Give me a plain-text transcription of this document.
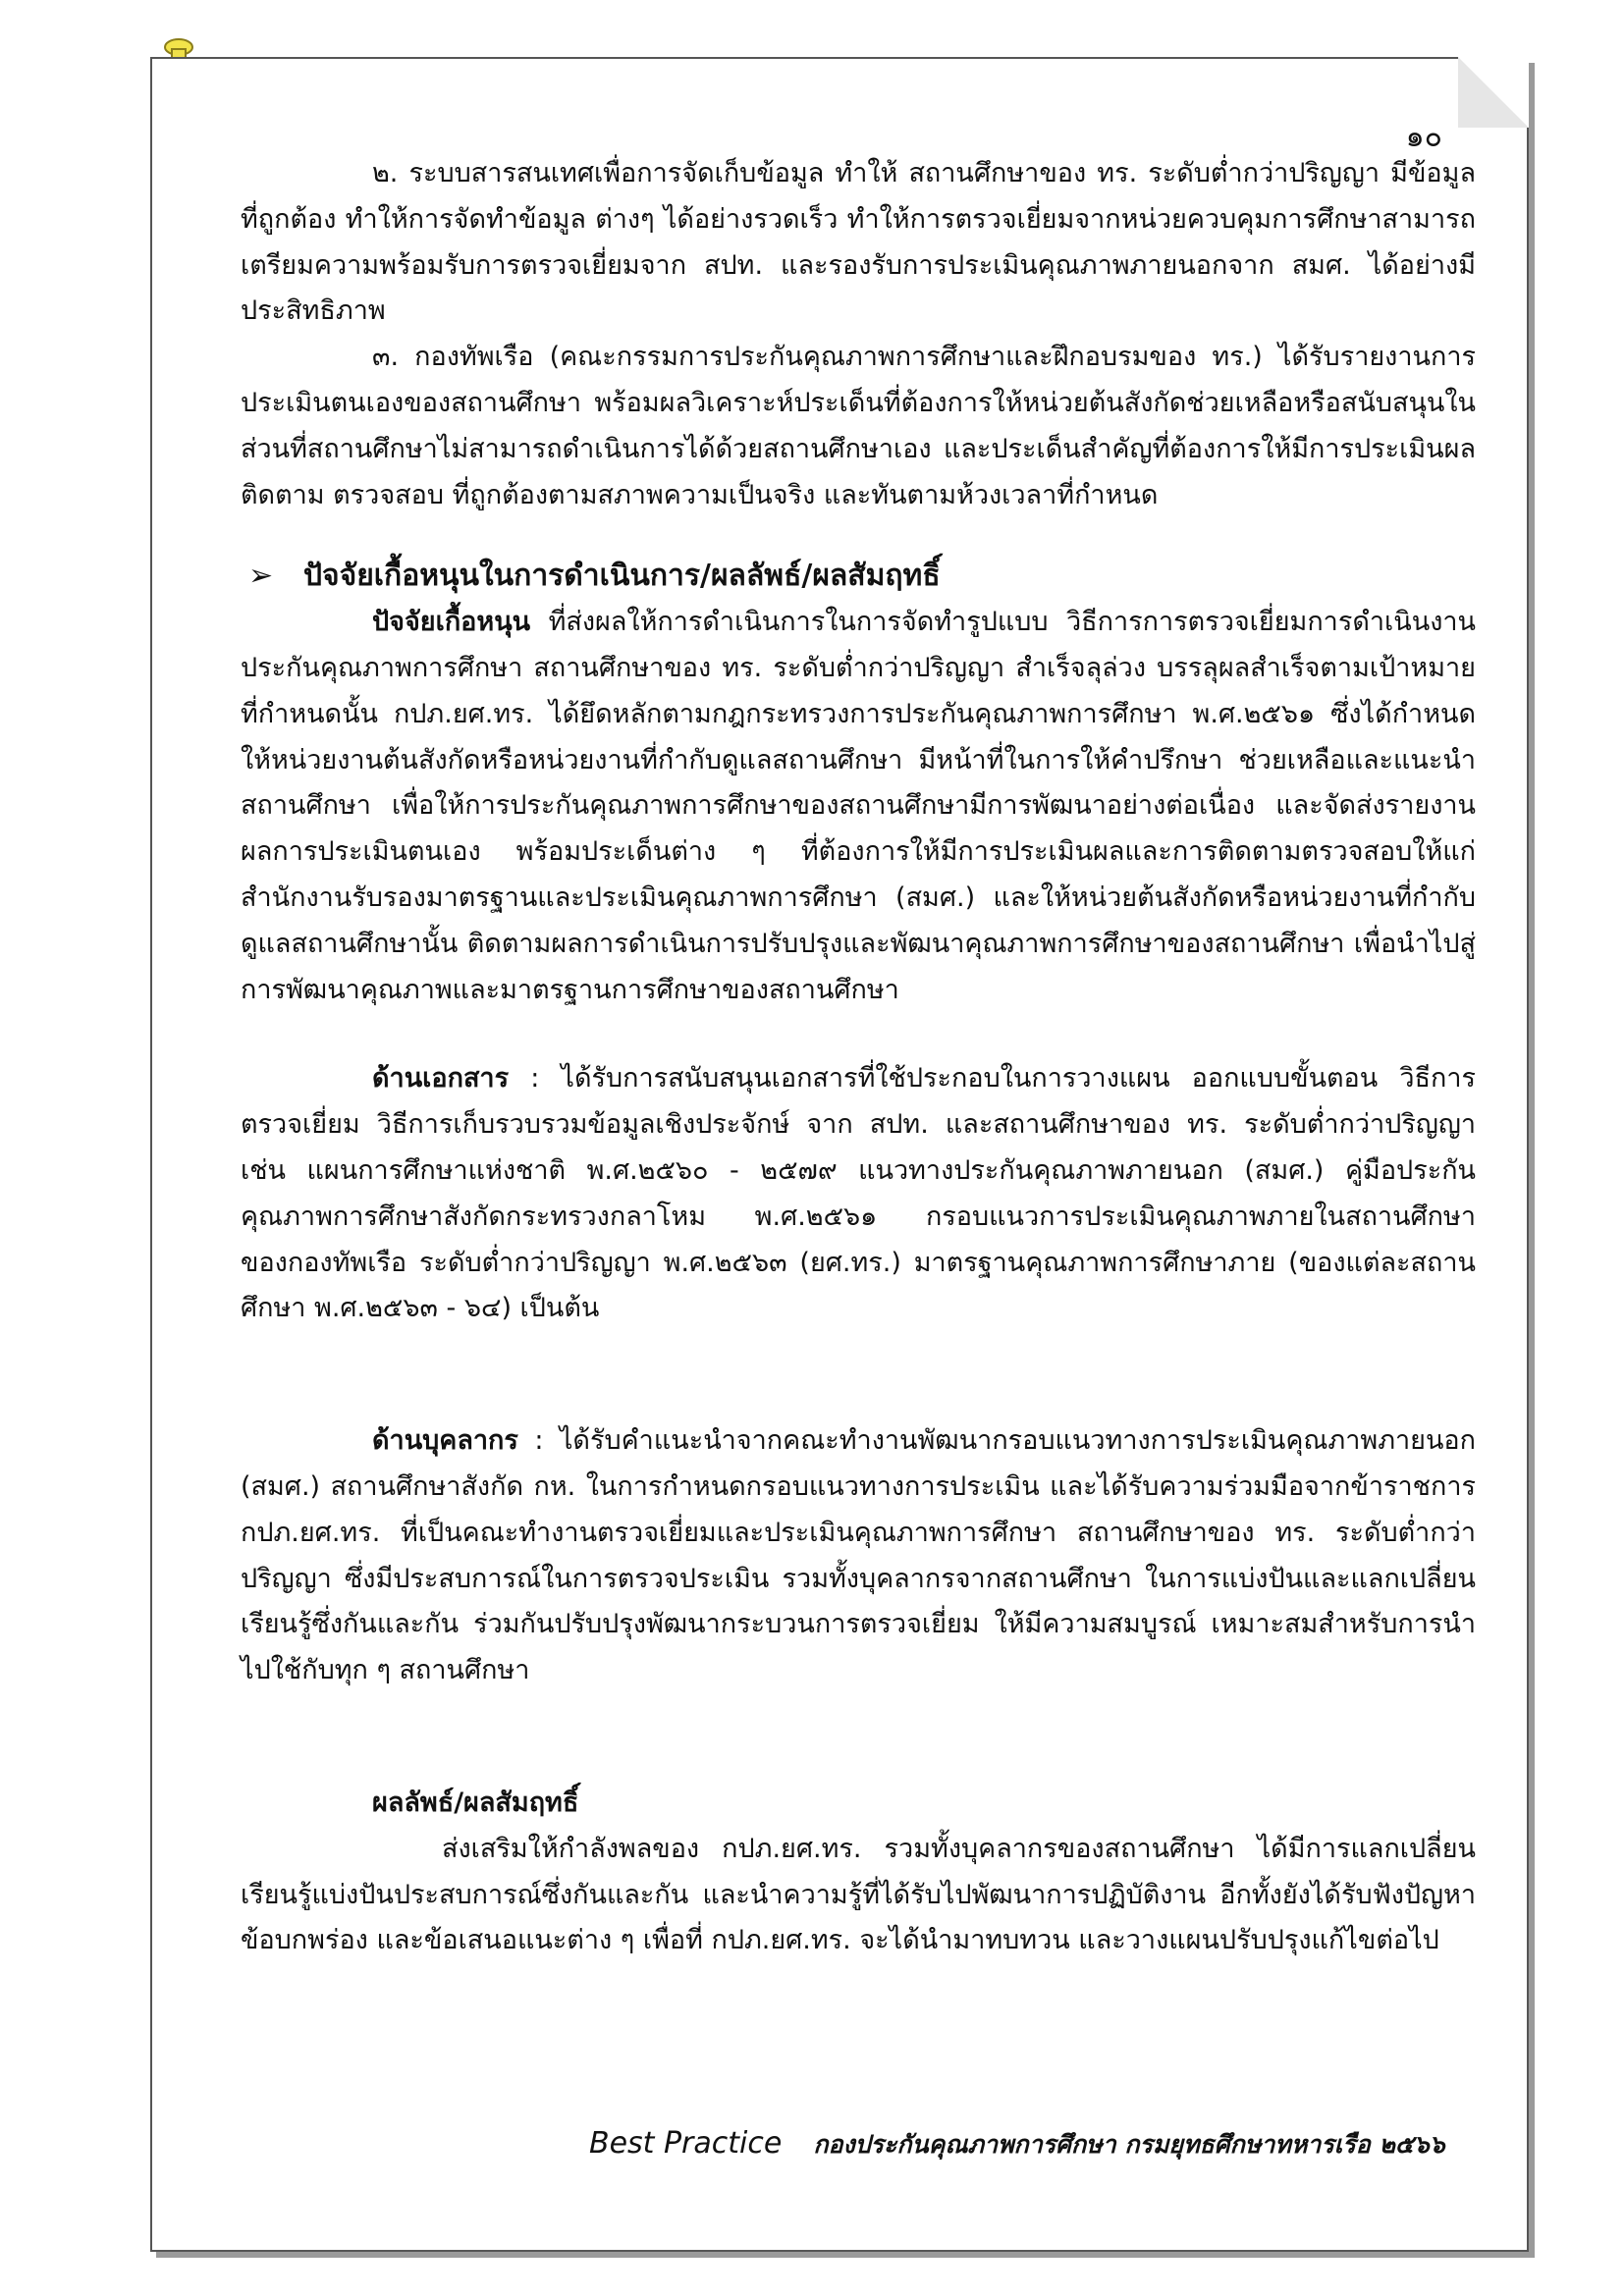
๑๐

๒. ระบบสารสนเทศเพื่อการจัดเก็บข้อมูล ทำให้ สถานศึกษาของ ทร. ระดับต่ำกว่าปริญญา มีข้อมูลที่ถูกต้อง ทำให้การจัดทำข้อมูล ต่างๆ ได้อย่างรวดเร็ว ทำให้การตรวจเยี่ยมจากหน่วยควบคุมการศึกษาสามารถเตรียมความพร้อมรับการตรวจเยี่ยมจาก สปท. และรองรับการประเมินคุณภาพภายนอกจาก สมศ. ได้อย่างมีประสิทธิภาพ

๓. กองทัพเรือ (คณะกรรมการประกันคุณภาพการศึกษาและฝึกอบรมของ ทร.) ได้รับรายงานการประเมินตนเองของสถานศึกษา พร้อมผลวิเคราะห์ประเด็นที่ต้องการให้หน่วยต้นสังกัดช่วยเหลือหรือสนับสนุนในส่วนที่สถานศึกษาไม่สามารถดำเนินการได้ด้วยสถานศึกษาเอง และประเด็นสำคัญที่ต้องการให้มีการประเมินผล ติดตาม ตรวจสอบ ที่ถูกต้องตามสภาพความเป็นจริง และทันตามห้วงเวลาที่กำหนด

➢ ปัจจัยเกื้อหนุนในการดำเนินการ/ผลลัพธ์/ผลสัมฤทธิ์

ปัจจัยเกื้อหนุน ที่ส่งผลให้การดำเนินการในการจัดทำรูปแบบ วิธีการการตรวจเยี่ยมการดำเนินงานประกันคุณภาพการศึกษา สถานศึกษาของ ทร. ระดับต่ำกว่าปริญญา สำเร็จลุล่วง บรรลุผลสำเร็จตามเป้าหมายที่กำหนดนั้น กปภ.ยศ.ทร. ได้ยึดหลักตามกฎกระทรวงการประกันคุณภาพการศึกษา พ.ศ.๒๕๖๑ ซึ่งได้กำหนดให้หน่วยงานต้นสังกัดหรือหน่วยงานที่กำกับดูแลสถานศึกษา มีหน้าที่ในการให้คำปรึกษา ช่วยเหลือและแนะนำสถานศึกษา เพื่อให้การประกันคุณภาพการศึกษาของสถานศึกษามีการพัฒนาอย่างต่อเนื่อง และจัดส่งรายงานผลการประเมินตนเอง พร้อมประเด็นต่าง ๆ ที่ต้องการให้มีการประเมินผลและการติดตามตรวจสอบให้แก่สำนักงานรับรองมาตรฐานและประเมินคุณภาพการศึกษา (สมศ.) และให้หน่วยต้นสังกัดหรือหน่วยงานที่กำกับดูแลสถานศึกษานั้น ติดตามผลการดำเนินการปรับปรุงและพัฒนาคุณภาพการศึกษาของสถานศึกษา เพื่อนำไปสู่การพัฒนาคุณภาพและมาตรฐานการศึกษาของสถานศึกษา

ด้านเอกสาร : ได้รับการสนับสนุนเอกสารที่ใช้ประกอบในการวางแผน ออกแบบขั้นตอน วิธีการตรวจเยี่ยม วิธีการเก็บรวบรวมข้อมูลเชิงประจักษ์ จาก สปท. และสถานศึกษาของ ทร. ระดับต่ำกว่าปริญญา เช่น แผนการศึกษาแห่งชาติ พ.ศ.๒๕๖๐ - ๒๕๗๙ แนวทางประกันคุณภาพภายนอก (สมศ.) คู่มือประกันคุณภาพการศึกษาสังกัดกระทรวงกลาโหม พ.ศ.๒๕๖๑ กรอบแนวการประเมินคุณภาพภายในสถานศึกษาของกองทัพเรือ ระดับต่ำกว่าปริญญา พ.ศ.๒๕๖๓ (ยศ.ทร.) มาตรฐานคุณภาพการศึกษาภาย (ของแต่ละสถานศึกษา พ.ศ.๒๕๖๓ - ๖๔) เป็นต้น

ด้านบุคลากร : ได้รับคำแนะนำจากคณะทำงานพัฒนากรอบแนวทางการประเมินคุณภาพภายนอก (สมศ.) สถานศึกษาสังกัด กห. ในการกำหนดกรอบแนวทางการประเมิน และได้รับความร่วมมือจากข้าราชการ กปภ.ยศ.ทร. ที่เป็นคณะทำงานตรวจเยี่ยมและประเมินคุณภาพการศึกษา สถานศึกษาของ ทร. ระดับต่ำกว่าปริญญา ซึ่งมีประสบการณ์ในการตรวจประเมิน รวมทั้งบุคลากรจากสถานศึกษา ในการแบ่งปันและแลกเปลี่ยนเรียนรู้ซึ่งกันและกัน ร่วมกันปรับปรุงพัฒนากระบวนการตรวจเยี่ยม ให้มีความสมบูรณ์ เหมาะสมสำหรับการนำไปใช้กับทุก ๆ สถานศึกษา

ผลลัพธ์/ผลสัมฤทธิ์

ส่งเสริมให้กำลังพลของ กปภ.ยศ.ทร. รวมทั้งบุคลากรของสถานศึกษา ได้มีการแลกเปลี่ยนเรียนรู้แบ่งปันประสบการณ์ซึ่งกันและกัน และนำความรู้ที่ได้รับไปพัฒนาการปฏิบัติงาน อีกทั้งยังได้รับฟังปัญหาข้อบกพร่อง และข้อเสนอแนะต่าง ๆ เพื่อที่ กปภ.ยศ.ทร. จะได้นำมาทบทวน และวางแผนปรับปรุงแก้ไขต่อไป

Best Practice กองประกันคุณภาพการศึกษา กรมยุทธศึกษาทหารเรือ ๒๕๖๖
